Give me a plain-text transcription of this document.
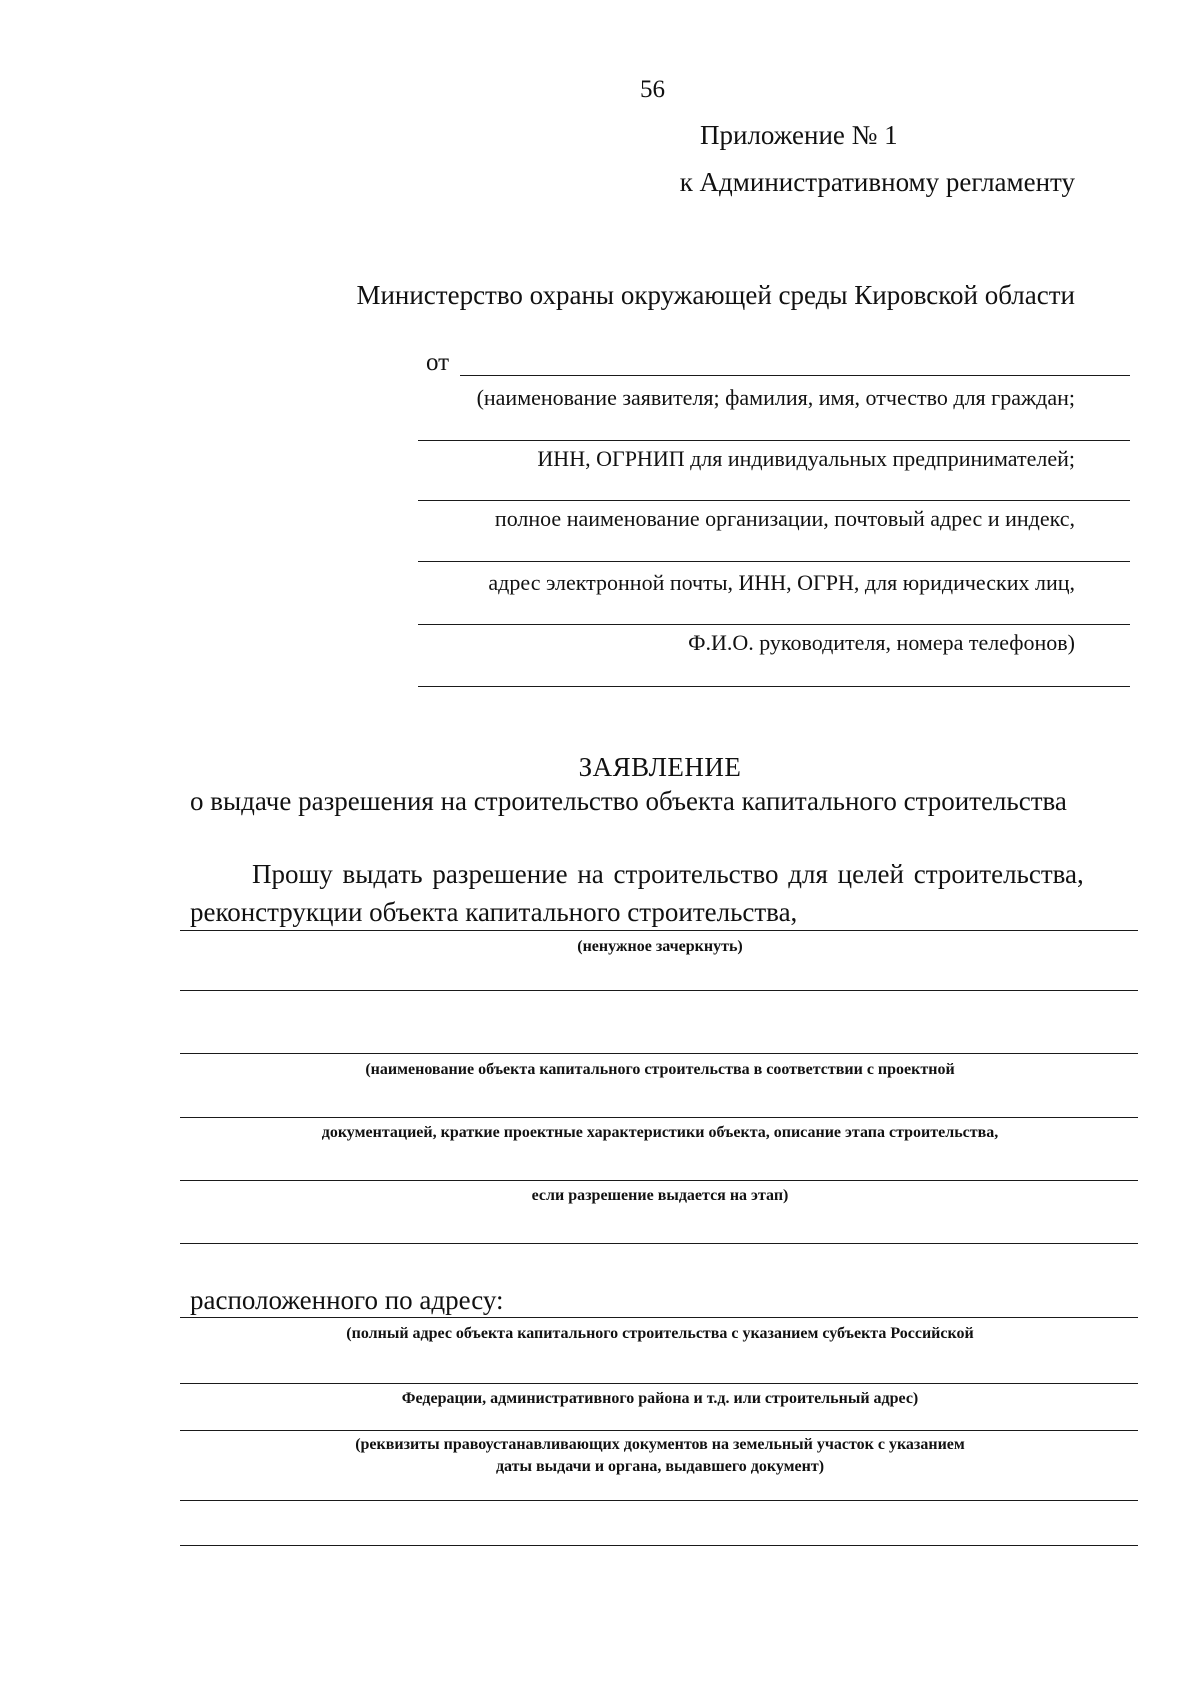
56
Приложение № 1
к Административному регламенту
Министерство охраны окружающей среды Кировской области
от
(наименование заявителя; фамилия, имя, отчество для граждан;
ИНН, ОГРНИП для индивидуальных предпринимателей;
полное наименование организации, почтовый адрес и индекс,
адрес электронной почты, ИНН, ОГРН, для юридических лиц,
Ф.И.О. руководителя, номера телефонов)
ЗАЯВЛЕНИЕ
о выдаче разрешения на строительство объекта капитального строительства
Прошу выдать разрешение на строительство для целей строительства,
реконструкции объекта капитального строительства,
(ненужное зачеркнуть)
(наименование объекта капитального строительства в соответствии с проектной
документацией, краткие проектные характеристики объекта, описание этапа строительства,
если разрешение выдается на этап)
расположенного по адресу:
(полный адрес объекта капитального строительства с указанием субъекта Российской
Федерации, административного района и т.д. или строительный адрес)
(реквизиты правоустанавливающих документов на земельный участок с указанием
даты выдачи и органа, выдавшего документ)
